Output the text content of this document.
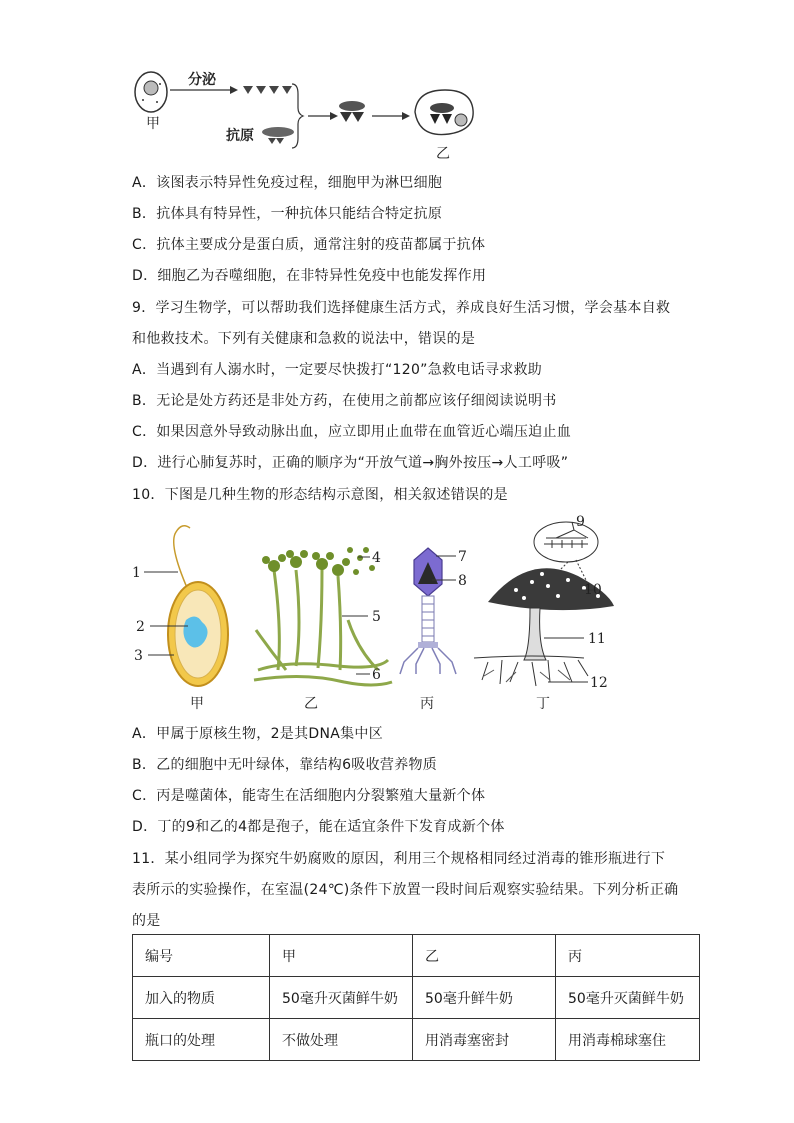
甲
分泌
抗原
乙
A．该图表示特异性免疫过程，细胞甲为淋巴细胞
B．抗体具有特异性，一种抗体只能结合特定抗原
C．抗体主要成分是蛋白质，通常注射的疫苗都属于抗体
D．细胞乙为吞噬细胞，在非特异性免疫中也能发挥作用
9．学习生物学，可以帮助我们选择健康生活方式，养成良好生活习惯，学会基本自救
和他救技术。下列有关健康和急救的说法中，错误的是
A．当遇到有人溺水时，一定要尽快拨打“120”急救电话寻求救助
B．无论是处方药还是非处方药，在使用之前都应该仔细阅读说明书
C．如果因意外导致动脉出血，应立即用止血带在血管近心端压迫止血
D．进行心肺复苏时，正确的顺序为“开放气道→胸外按压→人工呼吸”
10．下图是几种生物的形态结构示意图，相关叙述错误的是
1
2
3
甲
4
5
6
乙
7
8
丙
9
10
11
12
丁
A．甲属于原核生物，2是其DNA集中区
B．乙的细胞中无叶绿体，靠结构6吸收营养物质
C．丙是噬菌体，能寄生在活细胞内分裂繁殖大量新个体
D．丁的9和乙的4都是孢子，能在适宜条件下发育成新个体
11．某小组同学为探究牛奶腐败的原因，利用三个规格相同经过消毒的锥形瓶进行下
表所示的实验操作，在室温(24℃)条件下放置一段时间后观察实验结果。下列分析正确
的是
编号	甲	乙	丙
加入的物质	50毫升灭菌鲜牛奶	50毫升鲜牛奶	50毫升灭菌鲜牛奶
瓶口的处理	不做处理	用消毒塞密封	用消毒棉球塞住
